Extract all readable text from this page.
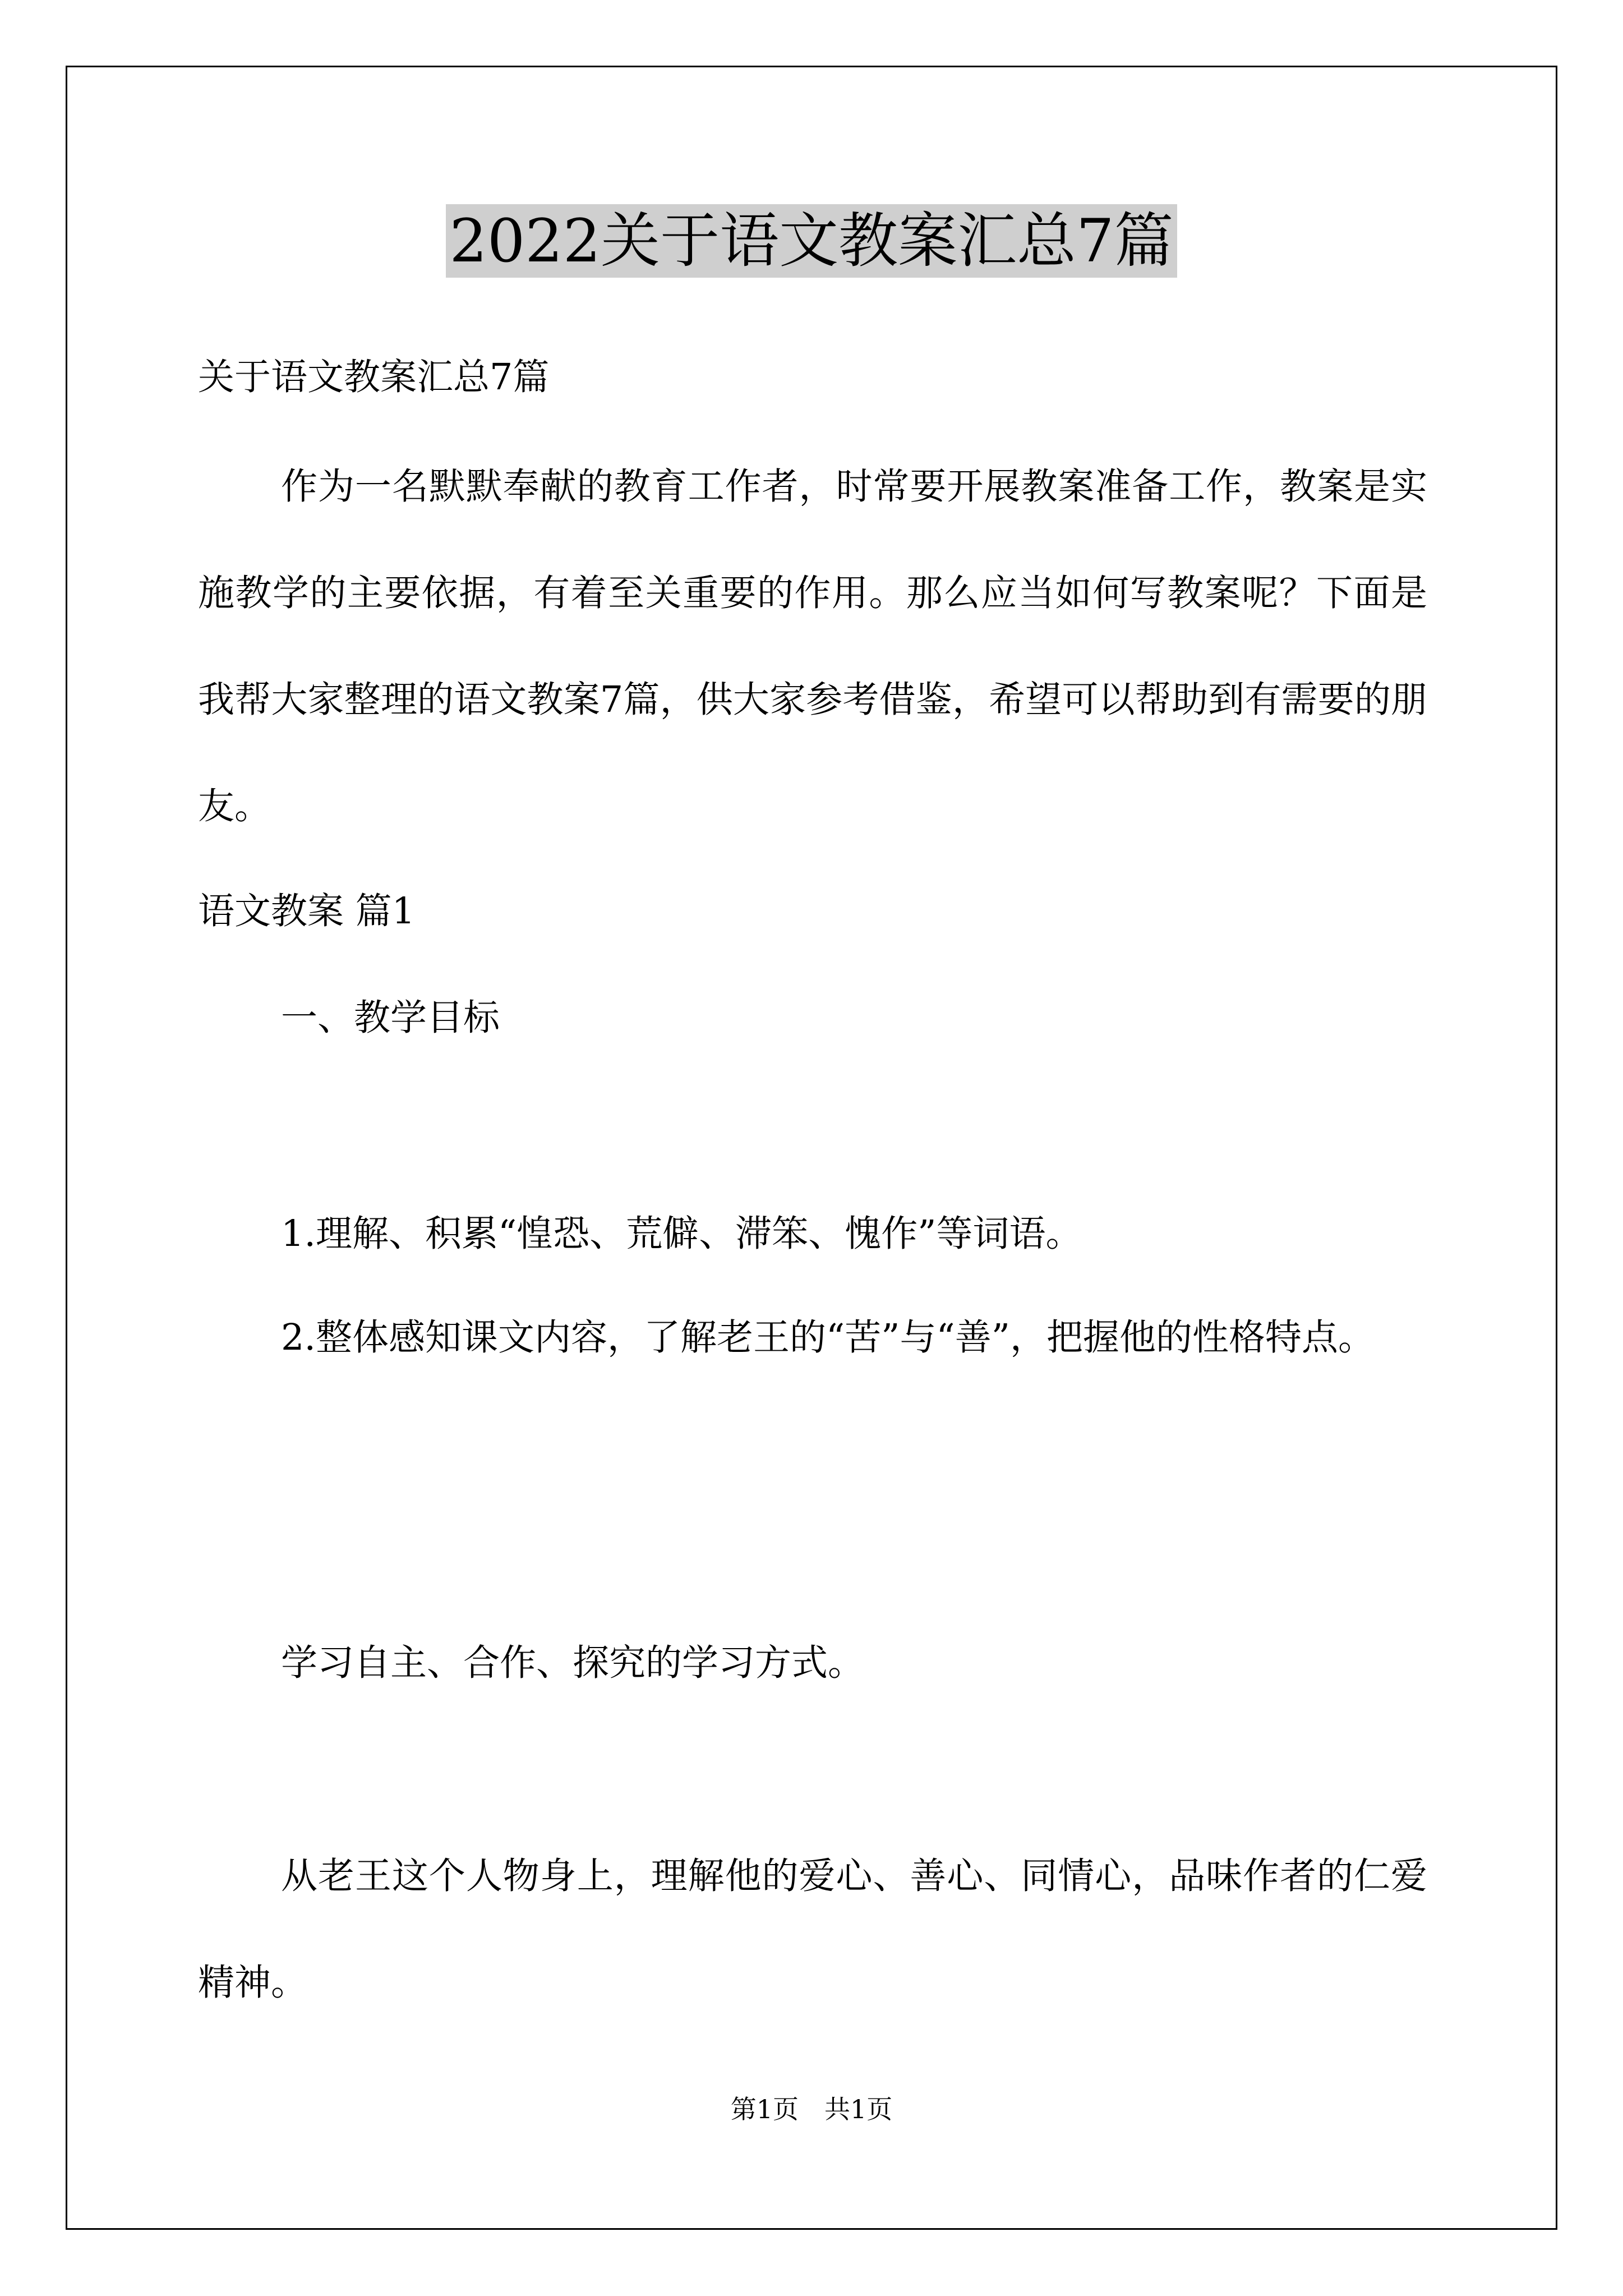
2022关于语文教案汇总7篇
关于语文教案汇总7篇

作为一名默默奉献的教育工作者，时常要开展教案准备工作，教案是实施教学的主要依据，有着至关重要的作用。那么应当如何写教案呢？下面是我帮大家整理的语文教案7篇，供大家参考借鉴，希望可以帮助到有需要的朋友。

语文教案 篇1
一、教学目标
1.理解、积累“惶恐、荒僻、滞笨、愧作”等词语。

2.整体感知课文内容，了解老王的“苦”与“善”，把握他的性格特点。

学习自主、合作、探究的学习方式。

从老王这个人物身上，理解他的爱心、善心、同情心，品味作者的仁爱精神。

第1页　共1页
